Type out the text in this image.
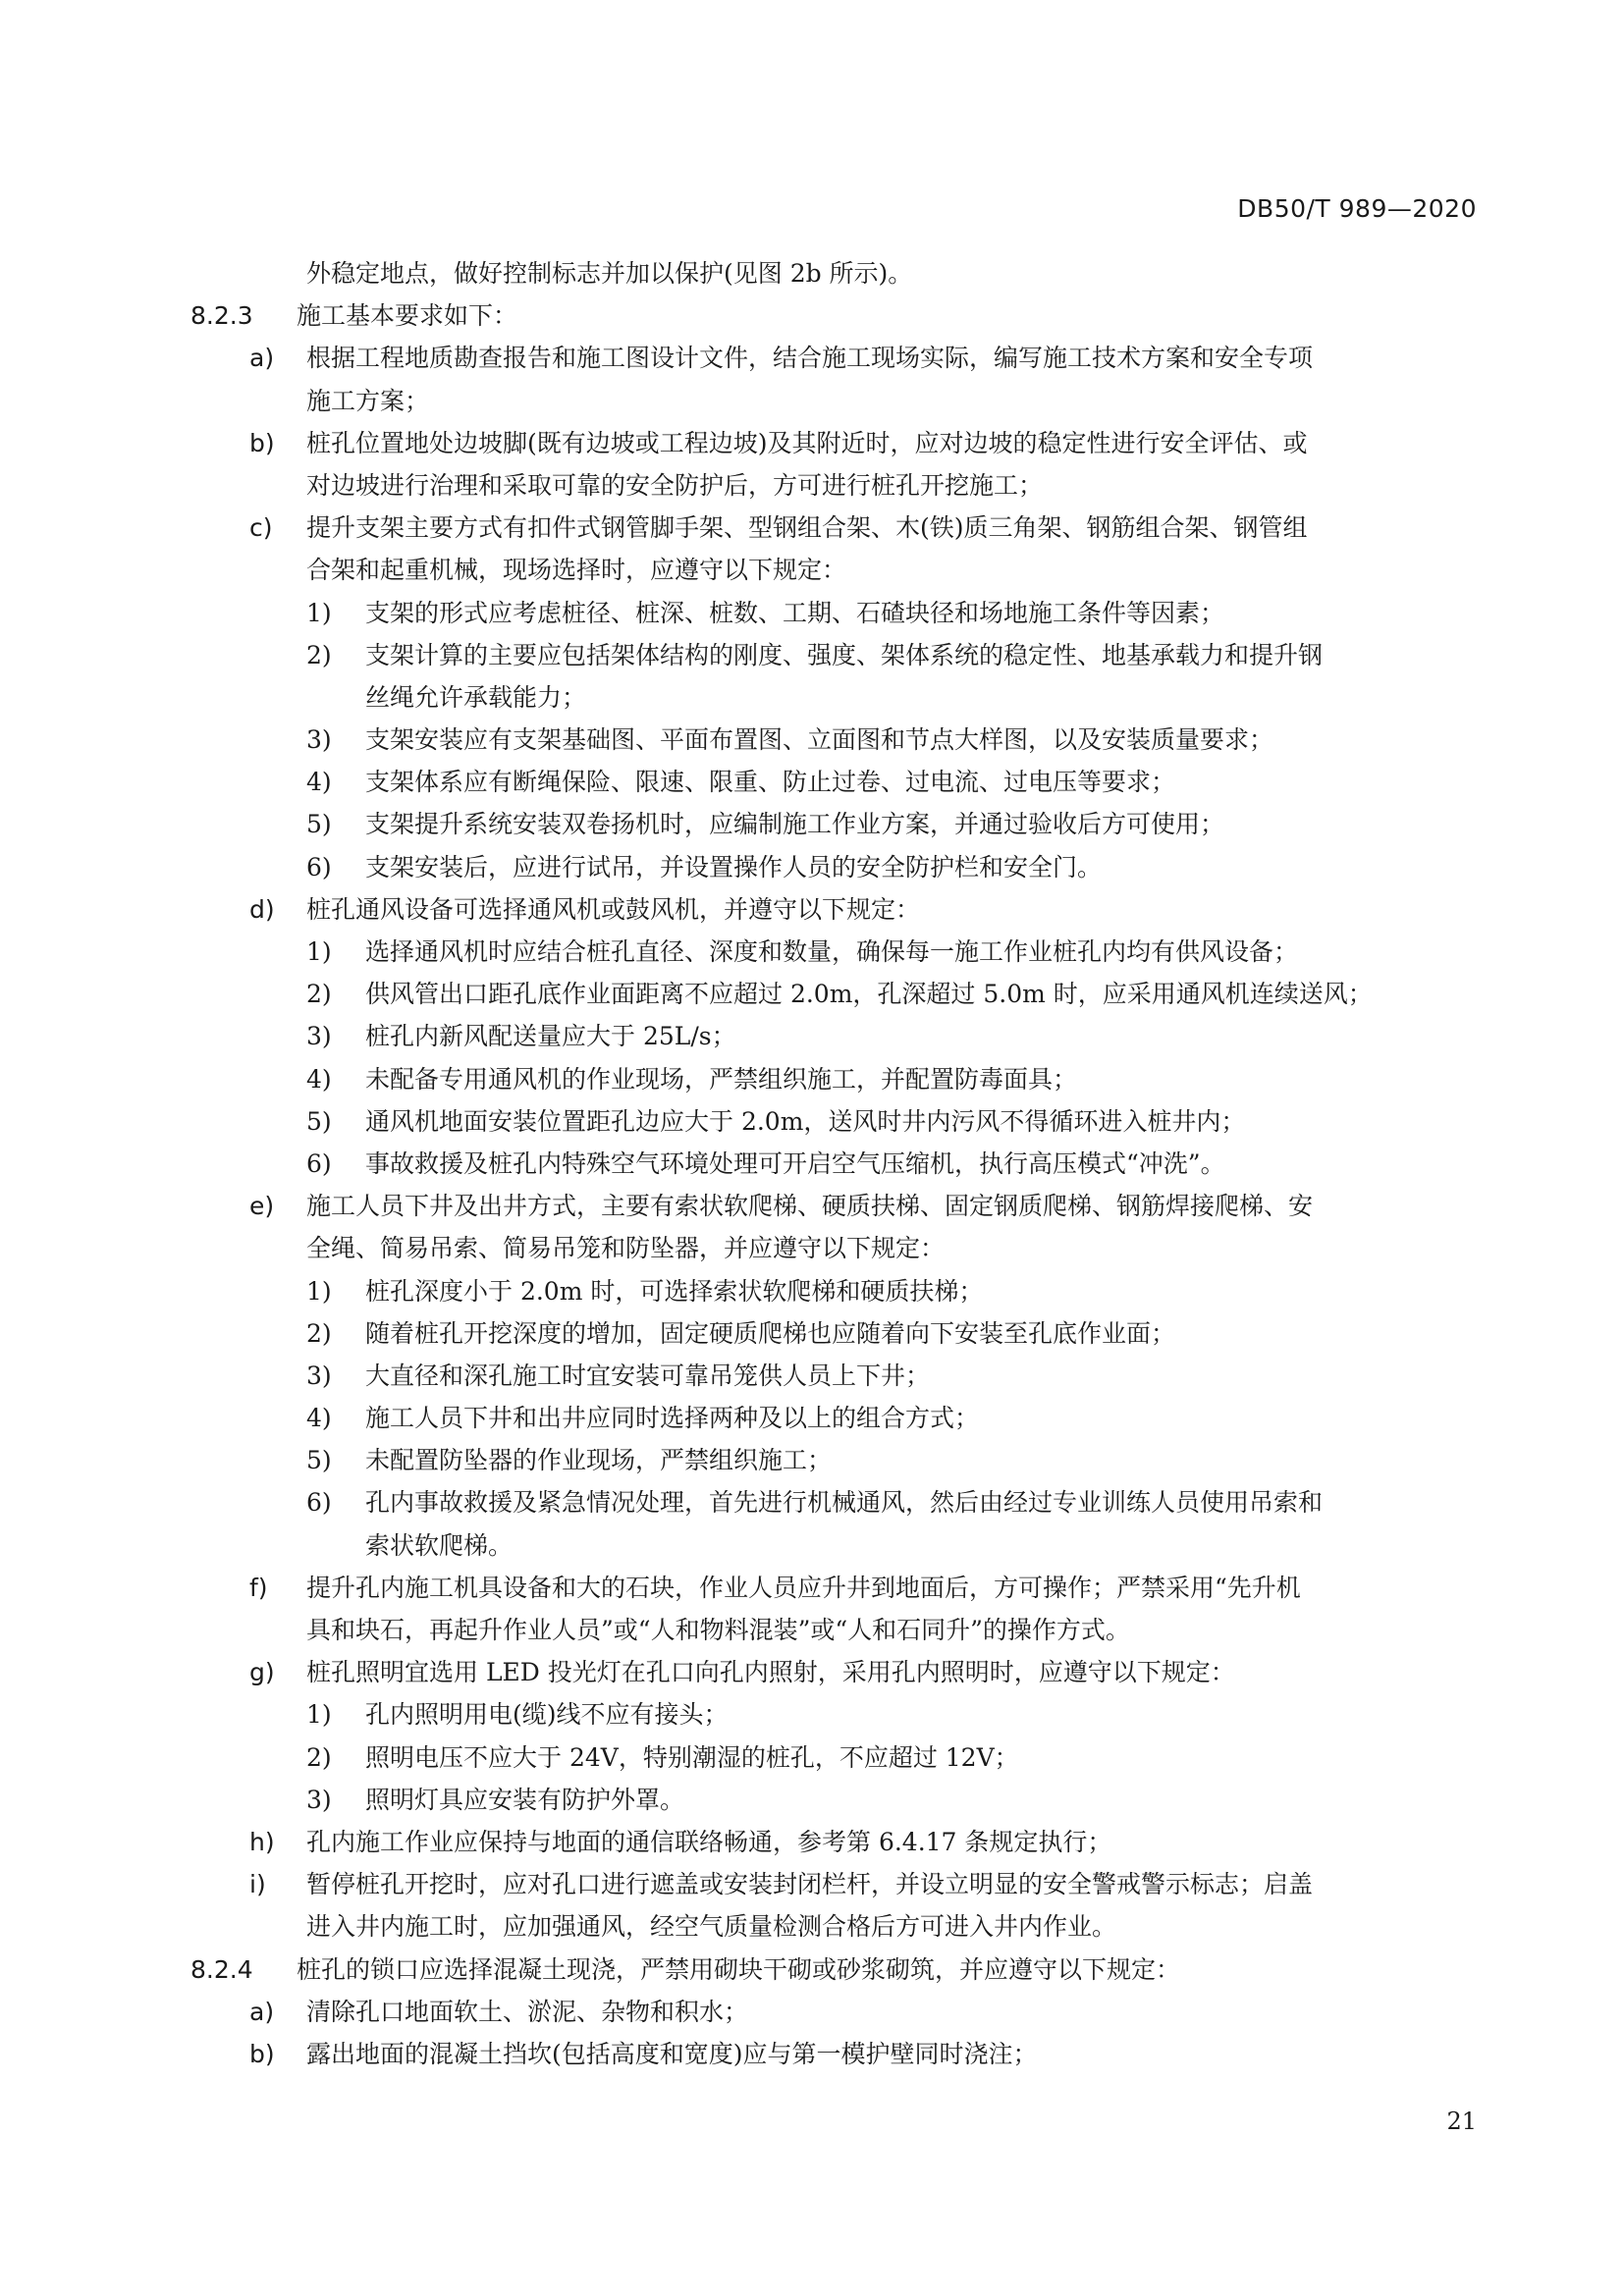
DB50/T 989—2020
外稳定地点，做好控制标志并加以保护(见图 2b 所示)。
8.2.3 施工基本要求如下：
a) 根据工程地质勘查报告和施工图设计文件，结合施工现场实际，编写施工技术方案和安全专项
施工方案；
b) 桩孔位置地处边坡脚(既有边坡或工程边坡)及其附近时，应对边坡的稳定性进行安全评估、或
对边坡进行治理和采取可靠的安全防护后，方可进行桩孔开挖施工；
c) 提升支架主要方式有扣件式钢管脚手架、型钢组合架、木(铁)质三角架、钢筋组合架、钢管组
合架和起重机械，现场选择时，应遵守以下规定：
1) 支架的形式应考虑桩径、桩深、桩数、工期、石碴块径和场地施工条件等因素；
2) 支架计算的主要应包括架体结构的刚度、强度、架体系统的稳定性、地基承载力和提升钢
丝绳允许承载能力；
3) 支架安装应有支架基础图、平面布置图、立面图和节点大样图，以及安装质量要求；
4) 支架体系应有断绳保险、限速、限重、防止过卷、过电流、过电压等要求；
5) 支架提升系统安装双卷扬机时，应编制施工作业方案，并通过验收后方可使用；
6) 支架安装后，应进行试吊，并设置操作人员的安全防护栏和安全门。
d) 桩孔通风设备可选择通风机或鼓风机，并遵守以下规定：
1) 选择通风机时应结合桩孔直径、深度和数量，确保每一施工作业桩孔内均有供风设备；
2) 供风管出口距孔底作业面距离不应超过 2.0m，孔深超过 5.0m 时，应采用通风机连续送风；
3) 桩孔内新风配送量应大于 25L/s；
4) 未配备专用通风机的作业现场，严禁组织施工，并配置防毒面具；
5) 通风机地面安装位置距孔边应大于 2.0m，送风时井内污风不得循环进入桩井内；
6) 事故救援及桩孔内特殊空气环境处理可开启空气压缩机，执行高压模式“冲洗”。
e) 施工人员下井及出井方式，主要有索状软爬梯、硬质扶梯、固定钢质爬梯、钢筋焊接爬梯、安
全绳、简易吊索、简易吊笼和防坠器，并应遵守以下规定：
1) 桩孔深度小于 2.0m 时，可选择索状软爬梯和硬质扶梯；
2) 随着桩孔开挖深度的增加，固定硬质爬梯也应随着向下安装至孔底作业面；
3) 大直径和深孔施工时宜安装可靠吊笼供人员上下井；
4) 施工人员下井和出井应同时选择两种及以上的组合方式；
5) 未配置防坠器的作业现场，严禁组织施工；
6) 孔内事故救援及紧急情况处理，首先进行机械通风，然后由经过专业训练人员使用吊索和
索状软爬梯。
f) 提升孔内施工机具设备和大的石块，作业人员应升井到地面后，方可操作；严禁采用“先升机
具和块石，再起升作业人员”或“人和物料混装”或“人和石同升”的操作方式。
g) 桩孔照明宜选用 LED 投光灯在孔口向孔内照射，采用孔内照明时，应遵守以下规定：
1) 孔内照明用电(缆)线不应有接头；
2) 照明电压不应大于 24V，特别潮湿的桩孔，不应超过 12V；
3) 照明灯具应安装有防护外罩。
h) 孔内施工作业应保持与地面的通信联络畅通，参考第 6.4.17 条规定执行；
i) 暂停桩孔开挖时，应对孔口进行遮盖或安装封闭栏杆，并设立明显的安全警戒警示标志；启盖
进入井内施工时，应加强通风，经空气质量检测合格后方可进入井内作业。
8.2.4 桩孔的锁口应选择混凝土现浇，严禁用砌块干砌或砂浆砌筑，并应遵守以下规定：
a) 清除孔口地面软土、淤泥、杂物和积水；
b) 露出地面的混凝土挡坎(包括高度和宽度)应与第一模护壁同时浇注；
21
